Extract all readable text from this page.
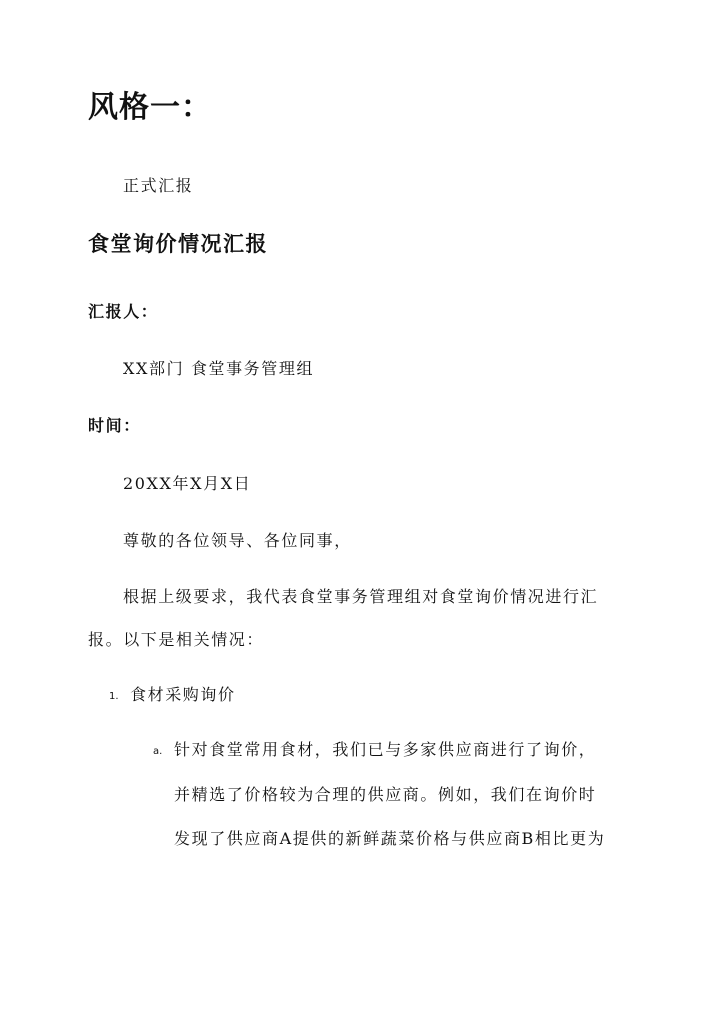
风格一：
正式汇报
食堂询价情况汇报
汇报人：
XX部门 食堂事务管理组
时间：
20XX年X月X日
尊敬的各位领导、各位同事，
根据上级要求，我代表食堂事务管理组对食堂询价情况进行汇
报。以下是相关情况：
1. 食材采购询价
a. 针对食堂常用食材，我们已与多家供应商进行了询价，
并精选了价格较为合理的供应商。例如，我们在询价时
发现了供应商A提供的新鲜蔬菜价格与供应商B相比更为
